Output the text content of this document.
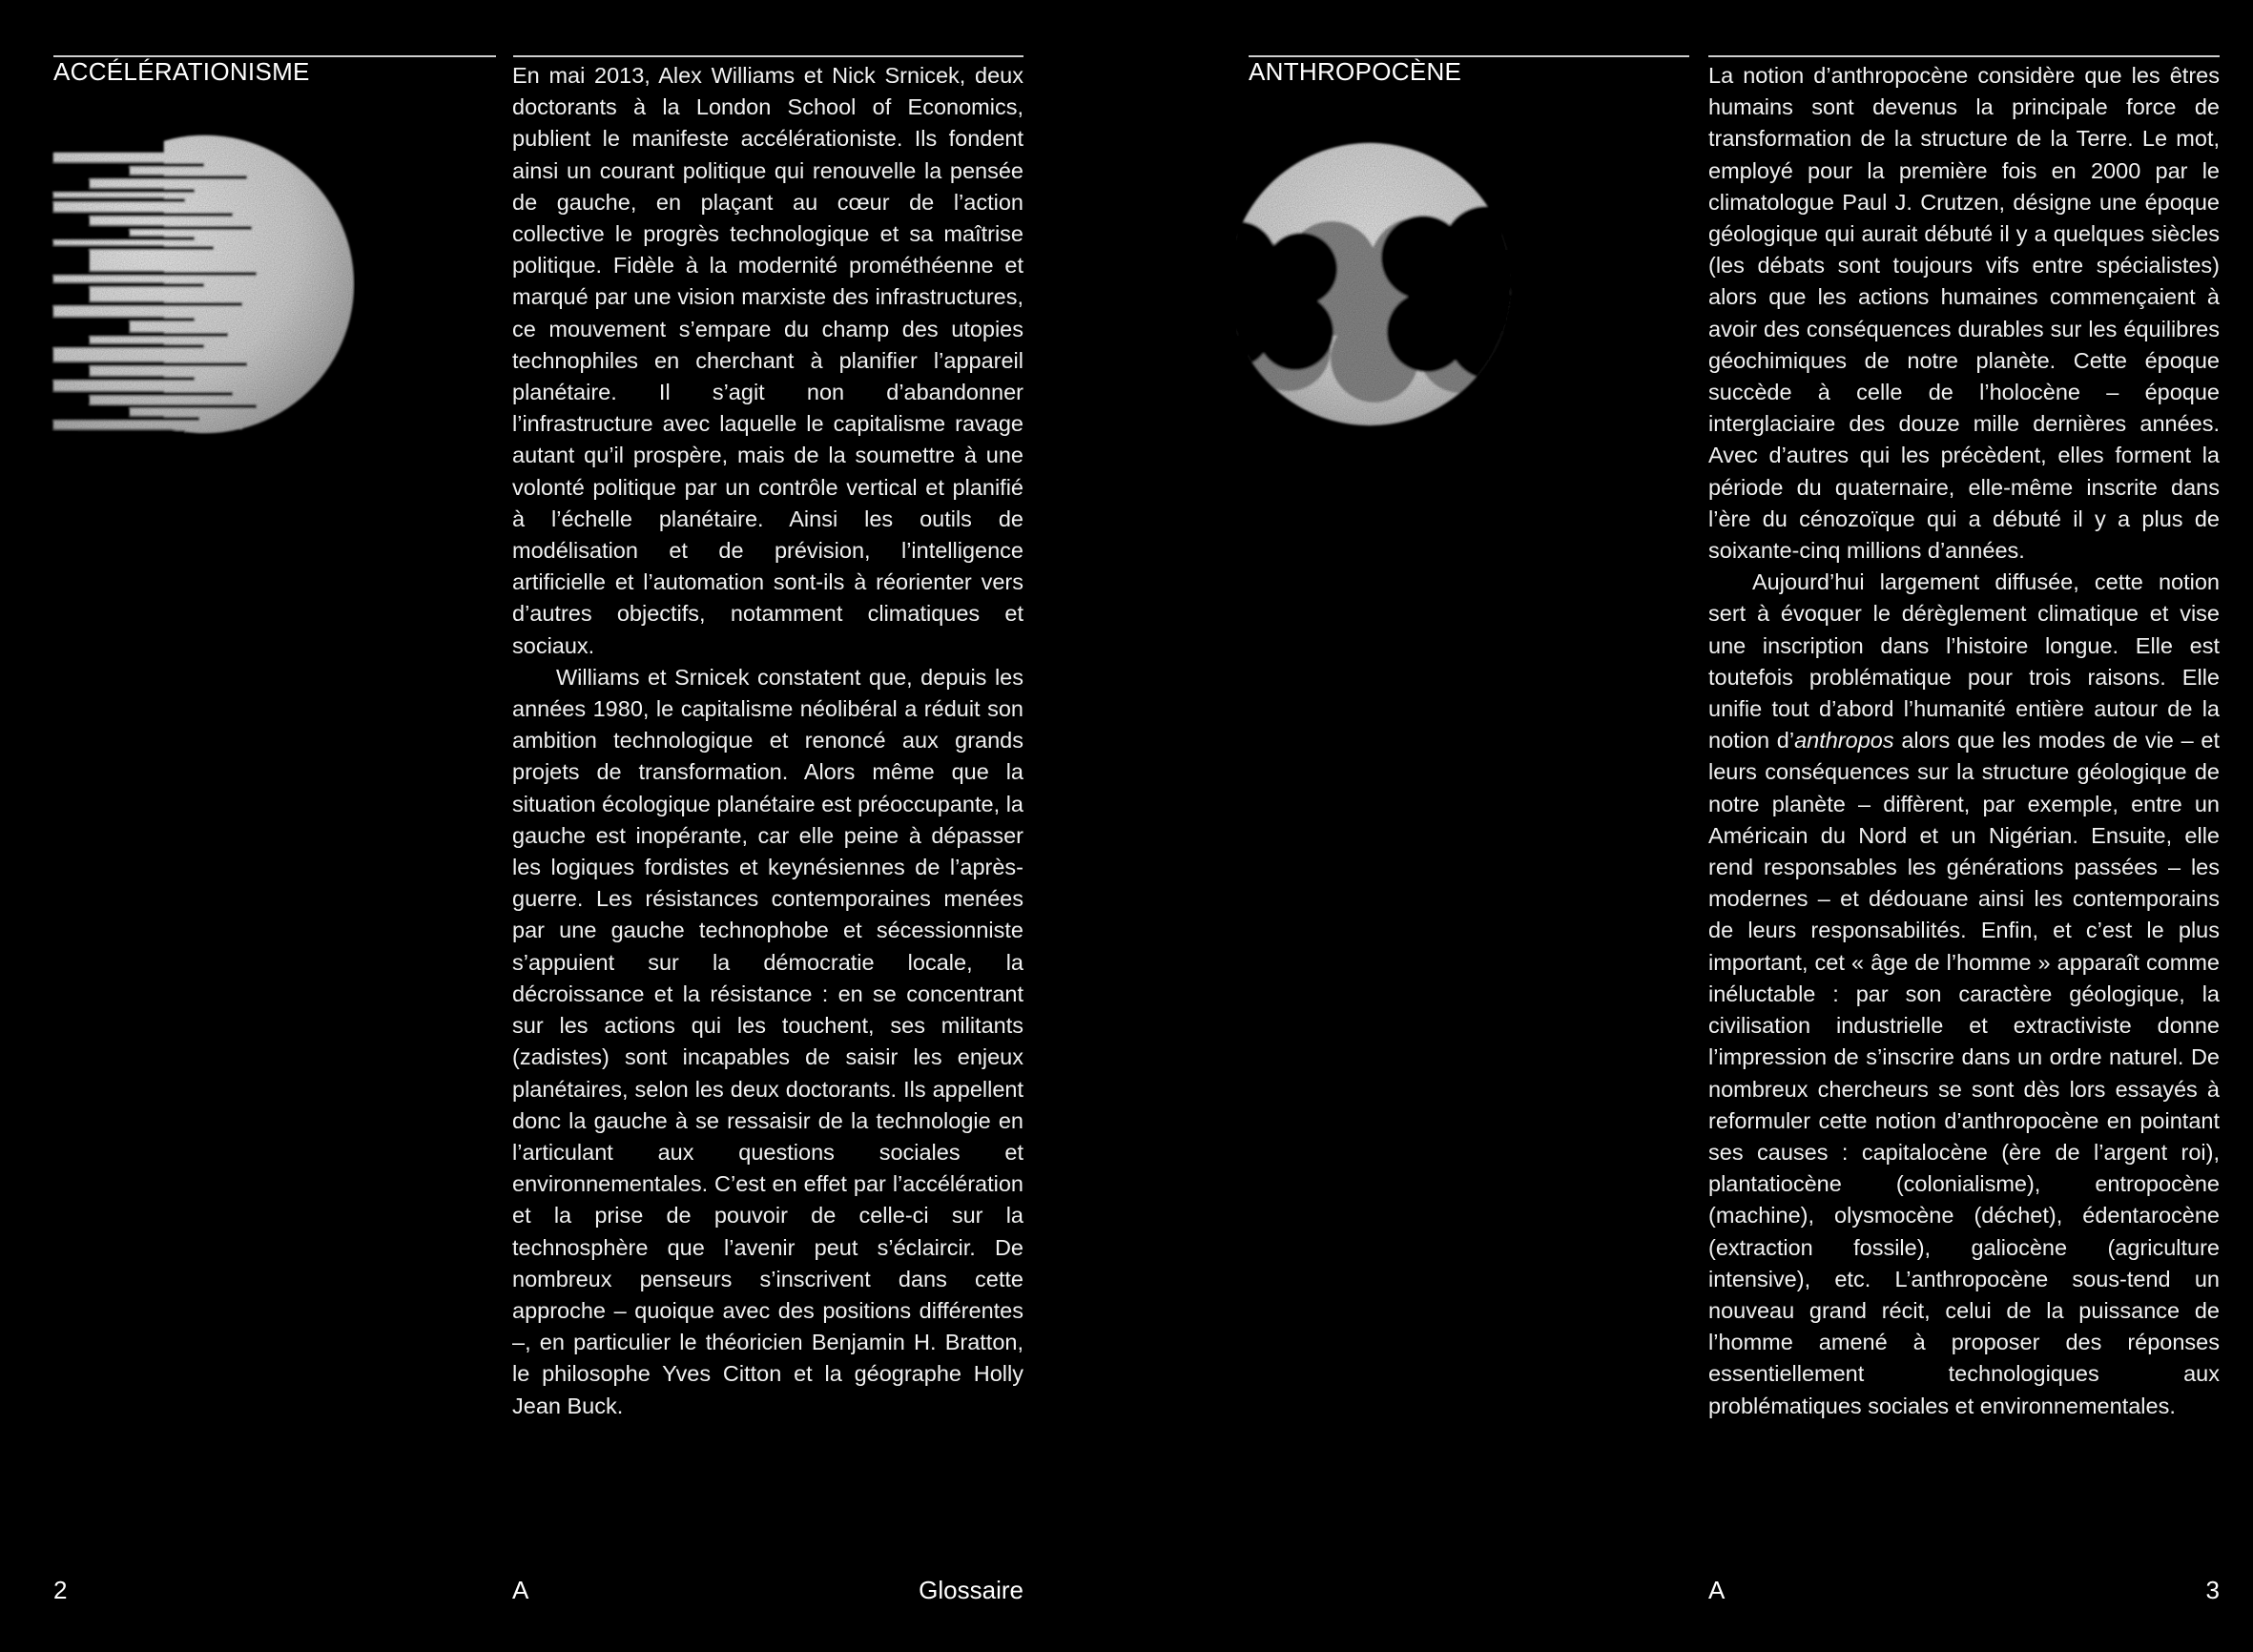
ACCÉLÉRATIONISME	En mai 2013, Alex Williams et Nick Srnicek, deux doctorants à la London School of Economics, publient le manifeste accélérationiste. Ils fondent ainsi un courant politique qui renouvelle la pensée de gauche, en plaçant au cœur de l’action collective le progrès technologique et sa maîtrise politique. Fidèle à la modernité prométhéenne et marqué par une vision marxiste des infrastructures, ce mouvement s’empare du champ des utopies technophiles en cherchant à planifier l’appareil planétaire. Il s’agit non d’abandonner l’infrastructure avec laquelle le capitalisme ravage autant qu’il prospère, mais de la soumettre à une volonté politique par un contrôle vertical et planifié à l’échelle planétaire. Ainsi les outils de modélisation et de prévision, l’intelligence artificielle et l’automation sont-ils à réorienter vers d’autres objectifs, notamment climatiques et sociaux.

Williams et Srnicek constatent que, depuis les années 1980, le capitalisme néolibéral a réduit son ambition technologique et renoncé aux grands projets de transformation. Alors même que la situation écologique planétaire est préoccupante, la gauche est inopérante, car elle peine à dépasser les logiques fordistes et keynésiennes de l’après-guerre. Les résistances contemporaines menées par une gauche technophobe et sécessionniste s’appuient sur la démocratie locale, la décroissance et la résistance : en se concentrant sur les actions qui les touchent, ses militants (zadistes) sont incapables de saisir les enjeux planétaires, selon les deux doctorants. Ils appellent donc la gauche à se ressaisir de la technologie en l’articulant aux questions sociales et environnementales. C’est en effet par l’accélération et la prise de pouvoir de celle-ci sur la technosphère que l’avenir peut s’éclaircir. De nombreux penseurs s’inscrivent dans cette approche – quoique avec des positions différentes –, en particulier le théoricien Benjamin H. Bratton, le philosophe Yves Citton et la géographe Holly Jean Buck.

ANTHROPOCÈNE	La notion d’anthropocène considère que les êtres humains sont devenus la principale force de transformation de la structure de la Terre. Le mot, employé pour la première fois en 2000 par le climatologue Paul J. Crutzen, désigne une époque géologique qui aurait débuté il y a quelques siècles (les débats sont toujours vifs entre spécialistes) alors que les actions humaines commençaient à avoir des conséquences durables sur les équilibres géochimiques de notre planète. Cette époque succède à celle de l’holocène – époque interglaciaire des douze mille dernières années. Avec d’autres qui les précèdent, elles forment la période du quaternaire, elle-même inscrite dans l’ère du cénozoïque qui a débuté il y a plus de soixante-cinq millions d’années.

Aujourd’hui largement diffusée, cette notion sert à évoquer le dérèglement climatique et vise une inscription dans l’histoire longue. Elle est toutefois problématique pour trois raisons. Elle unifie tout d’abord l’humanité entière autour de la notion d’anthropos alors que les modes de vie – et leurs conséquences sur la structure géologique de notre planète – diffèrent, par exemple, entre un Américain du Nord et un Nigérian. Ensuite, elle rend responsables les générations passées – les modernes – et dédouane ainsi les contemporains de leurs responsabilités. Enfin, et c’est le plus important, cet « âge de l’homme » apparaît comme inéluctable : par son caractère géologique, la civilisation industrielle et extractiviste donne l’impression de s’inscrire dans un ordre naturel. De nombreux chercheurs se sont dès lors essayés à reformuler cette notion d’anthropocène en pointant ses causes : capitalocène (ère de l’argent roi), plantatiocène (colonialisme), entropocène (machine), olysmocène (déchet), édentarocène (extraction fossile), galiocène (agriculture intensive), etc. L’anthropocène sous-tend un nouveau grand récit, celui de la puissance de l’homme amené à proposer des réponses essentiellement technologiques aux problématiques sociales et environnementales.

2	A	Glossaire	A	3
